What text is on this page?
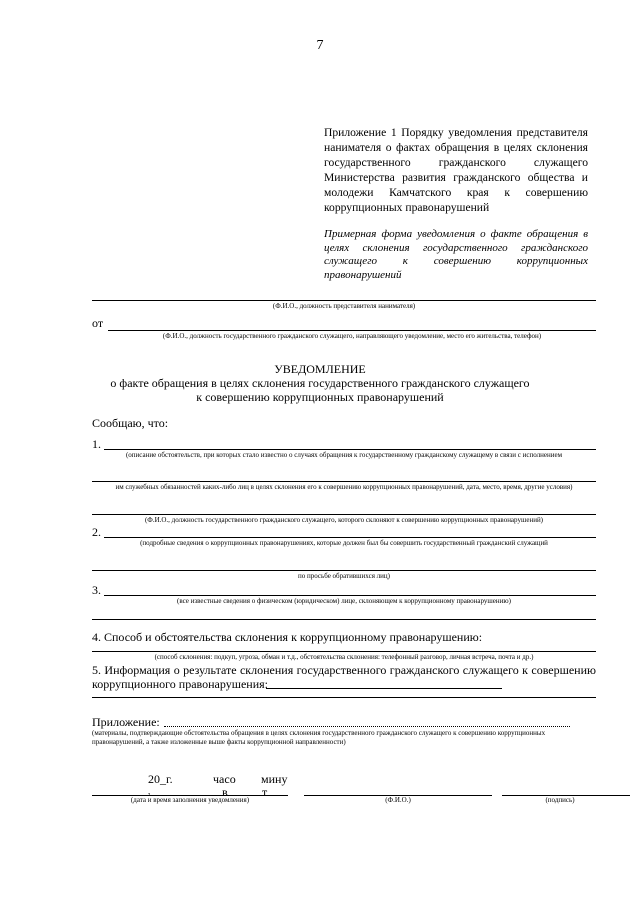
7
Приложение 1 Порядку уведомления представителя нанимателя о фактах обращения в целях склонения государственного гражданского служащего Министерства развития гражданского общества и молодежи Камчатского края к совершению коррупционных правонарушений
Примерная форма уведомления о факте обращения в целях склонения государственного гражданского служащего к совершению коррупционных правонарушений
(Ф.И.О., должность представителя нанимателя)
от
(Ф.И.О., должность государственного гражданского служащего, направляющего уведомление, место его жительства, телефон)
УВЕДОМЛЕНИЕ
о факте обращения в целях склонения государственного гражданского служащего
к совершению коррупционных правонарушений
Сообщаю, что:
1.
(описание обстоятельств, при которых стало известно о случаях обращения к государственному гражданскому служащему в связи с исполнением
им служебных обязанностей каких-либо лиц в целях склонения его к совершению коррупционных правонарушений, дата, место, время, другие условия)
(Ф.И.О., должность государственного гражданского служащего, которого склоняют к совершению коррупционных правонарушений)
2.
(подробные сведения о коррупционных правонарушениях, которые должен был бы совершить государственный гражданский служащий
по просьбе обратившихся лиц)
3.
(все известные сведения о физическом (юридическом) лице, склоняющем к коррупционному правонарушению)
4. Способ и обстоятельства склонения к коррупционному правонарушению:
(способ склонения: подкуп, угроза, обман и т.д., обстоятельства склонения: телефонный разговор, личная встреча, почта и др.)
5. Информация о результате склонения государственного гражданского служащего к совершению коррупционного правонарушения:
Приложение:
(материалы, подтверждающие обстоятельства обращения в целях склонения государственного гражданского служащего к совершению коррупционных правонарушений, а также изложенные выше факты коррупционной направленности)
20_г.
,
часо
в
мину
т
(дата и время заполнения уведомления)	(Ф.И.О.)	(подпись)
